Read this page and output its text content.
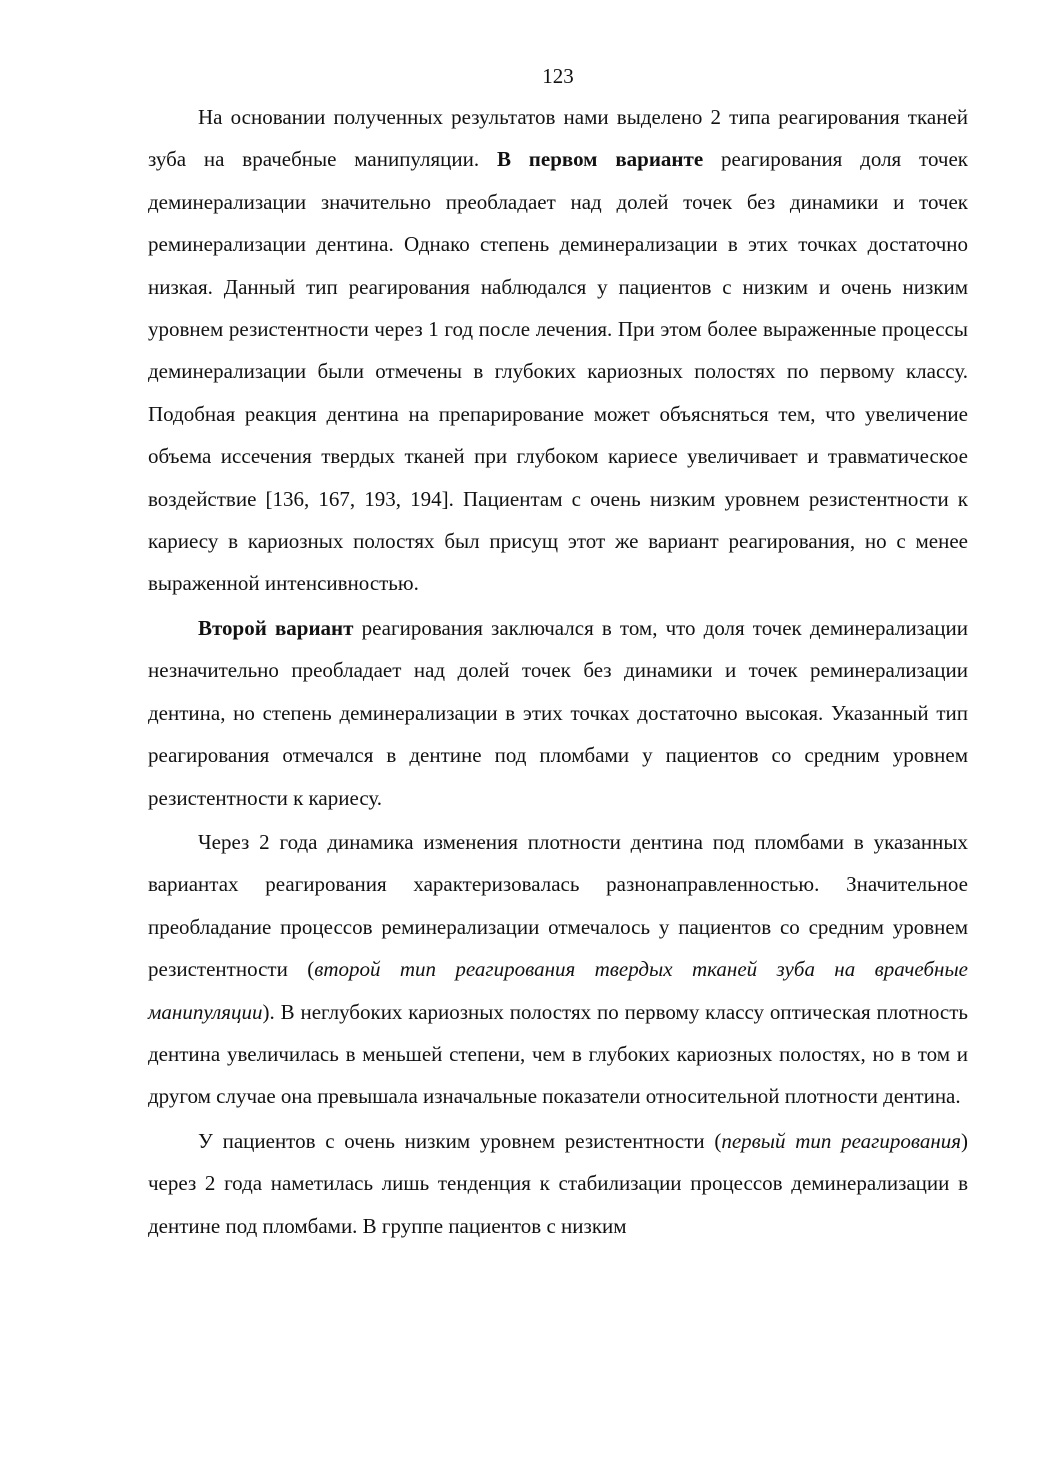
123

На основании полученных результатов нами выделено 2 типа реагирования тканей зуба на врачебные манипуляции. В первом варианте реагирования доля точек деминерализации значительно преобладает над долей точек без динамики и точек реминерализации дентина. Однако степень деминерализации в этих точках достаточно низкая. Данный тип реагирования наблюдался у пациентов с низким и очень низким уровнем резистентности через 1 год после лечения. При этом более выраженные процессы деминерализации были отмечены в глубоких кариозных полостях по первому классу. Подобная реакция дентина на препарирование может объясняться тем, что увеличение объема иссечения твердых тканей при глубоком кариесе увеличивает и травматическое воздействие [136, 167, 193, 194]. Пациентам с очень низким уровнем резистентности к кариесу в кариозных полостях был присущ этот же вариант реагирования, но с менее выраженной интенсивностью.

Второй вариант реагирования заключался в том, что доля точек деминерализации незначительно преобладает над долей точек без динамики и точек реминерализации дентина, но степень деминерализации в этих точках достаточно высокая. Указанный тип реагирования отмечался в дентине под пломбами у пациентов со средним уровнем резистентности к кариесу.

Через 2 года динамика изменения плотности дентина под пломбами в указанных вариантах реагирования характеризовалась разнонаправленностью. Значительное преобладание процессов реминерализации отмечалось у пациентов со средним уровнем резистентности (второй тип реагирования твердых тканей зуба на врачебные манипуляции). В неглубоких кариозных полостях по первому классу оптическая плотность дентина увеличилась в меньшей степени, чем в глубоких кариозных полостях, но в том и другом случае она превышала изначальные показатели относительной плотности дентина.

У пациентов с очень низким уровнем резистентности (первый тип реагирования) через 2 года наметилась лишь тенденция к стабилизации процессов деминерализации в дентине под пломбами. В группе пациентов с низким
